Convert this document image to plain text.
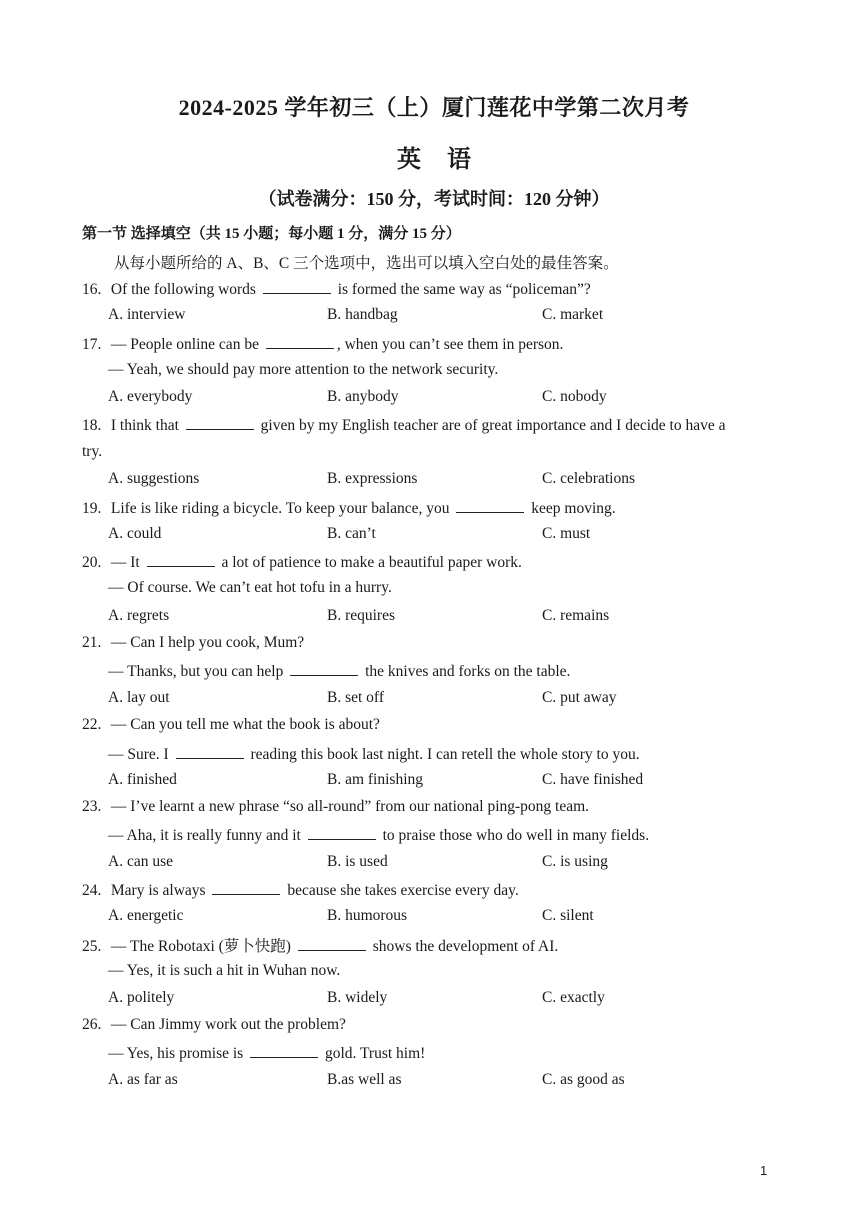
2024-2025 学年初三（上）厦门莲花中学第二次月考
英 语
（试卷满分：150 分，考试时间：120 分钟）
第一节 选择填空（共 15 小题；每小题 1 分，满分 15 分）
从每小题所给的 A、B、C 三个选项中，选出可以填入空白处的最佳答案。
16. Of the following words	is formed the same way as “policeman”?
A. interview	B. handbag	C. market
17. — People online can be	, when you can’t see them in person.
— Yeah, we should pay more attention to the network security.
A. everybody	B. anybody	C. nobody
18. I think that	given by my English teacher are of great importance and I decide to have a
try.
A. suggestions	B. expressions	C. celebrations
19. Life is like riding a bicycle. To keep your balance, you	keep moving.
A. could	B. can’t	C. must
20. — It	a lot of patience to make a beautiful paper work.
— Of course. We can’t eat hot tofu in a hurry.
A. regrets	B. requires	C. remains
21. — Can I help you cook, Mum?
— Thanks, but you can help	the knives and forks on the table.
A. lay out	B. set off	C. put away
22. — Can you tell me what the book is about?
— Sure. I	reading this book last night. I can retell the whole story to you.
A. finished	B. am finishing	C. have finished
23. — I’ve learnt a new phrase “so all-round” from our national ping-pong team.
— Aha, it is really funny and it	to praise those who do well in many fields.
A. can use	B. is used	C. is using
24. Mary is always	because she takes exercise every day.
A. energetic	B. humorous	C. silent
25. — The Robotaxi (萝卜快跑)	shows the development of AI.
— Yes, it is such a hit in Wuhan now.
A. politely	B. widely	C. exactly
26. — Can Jimmy work out the problem?
— Yes, his promise is	gold. Trust him!
A. as far as	B.as well as	C. as good as
1
